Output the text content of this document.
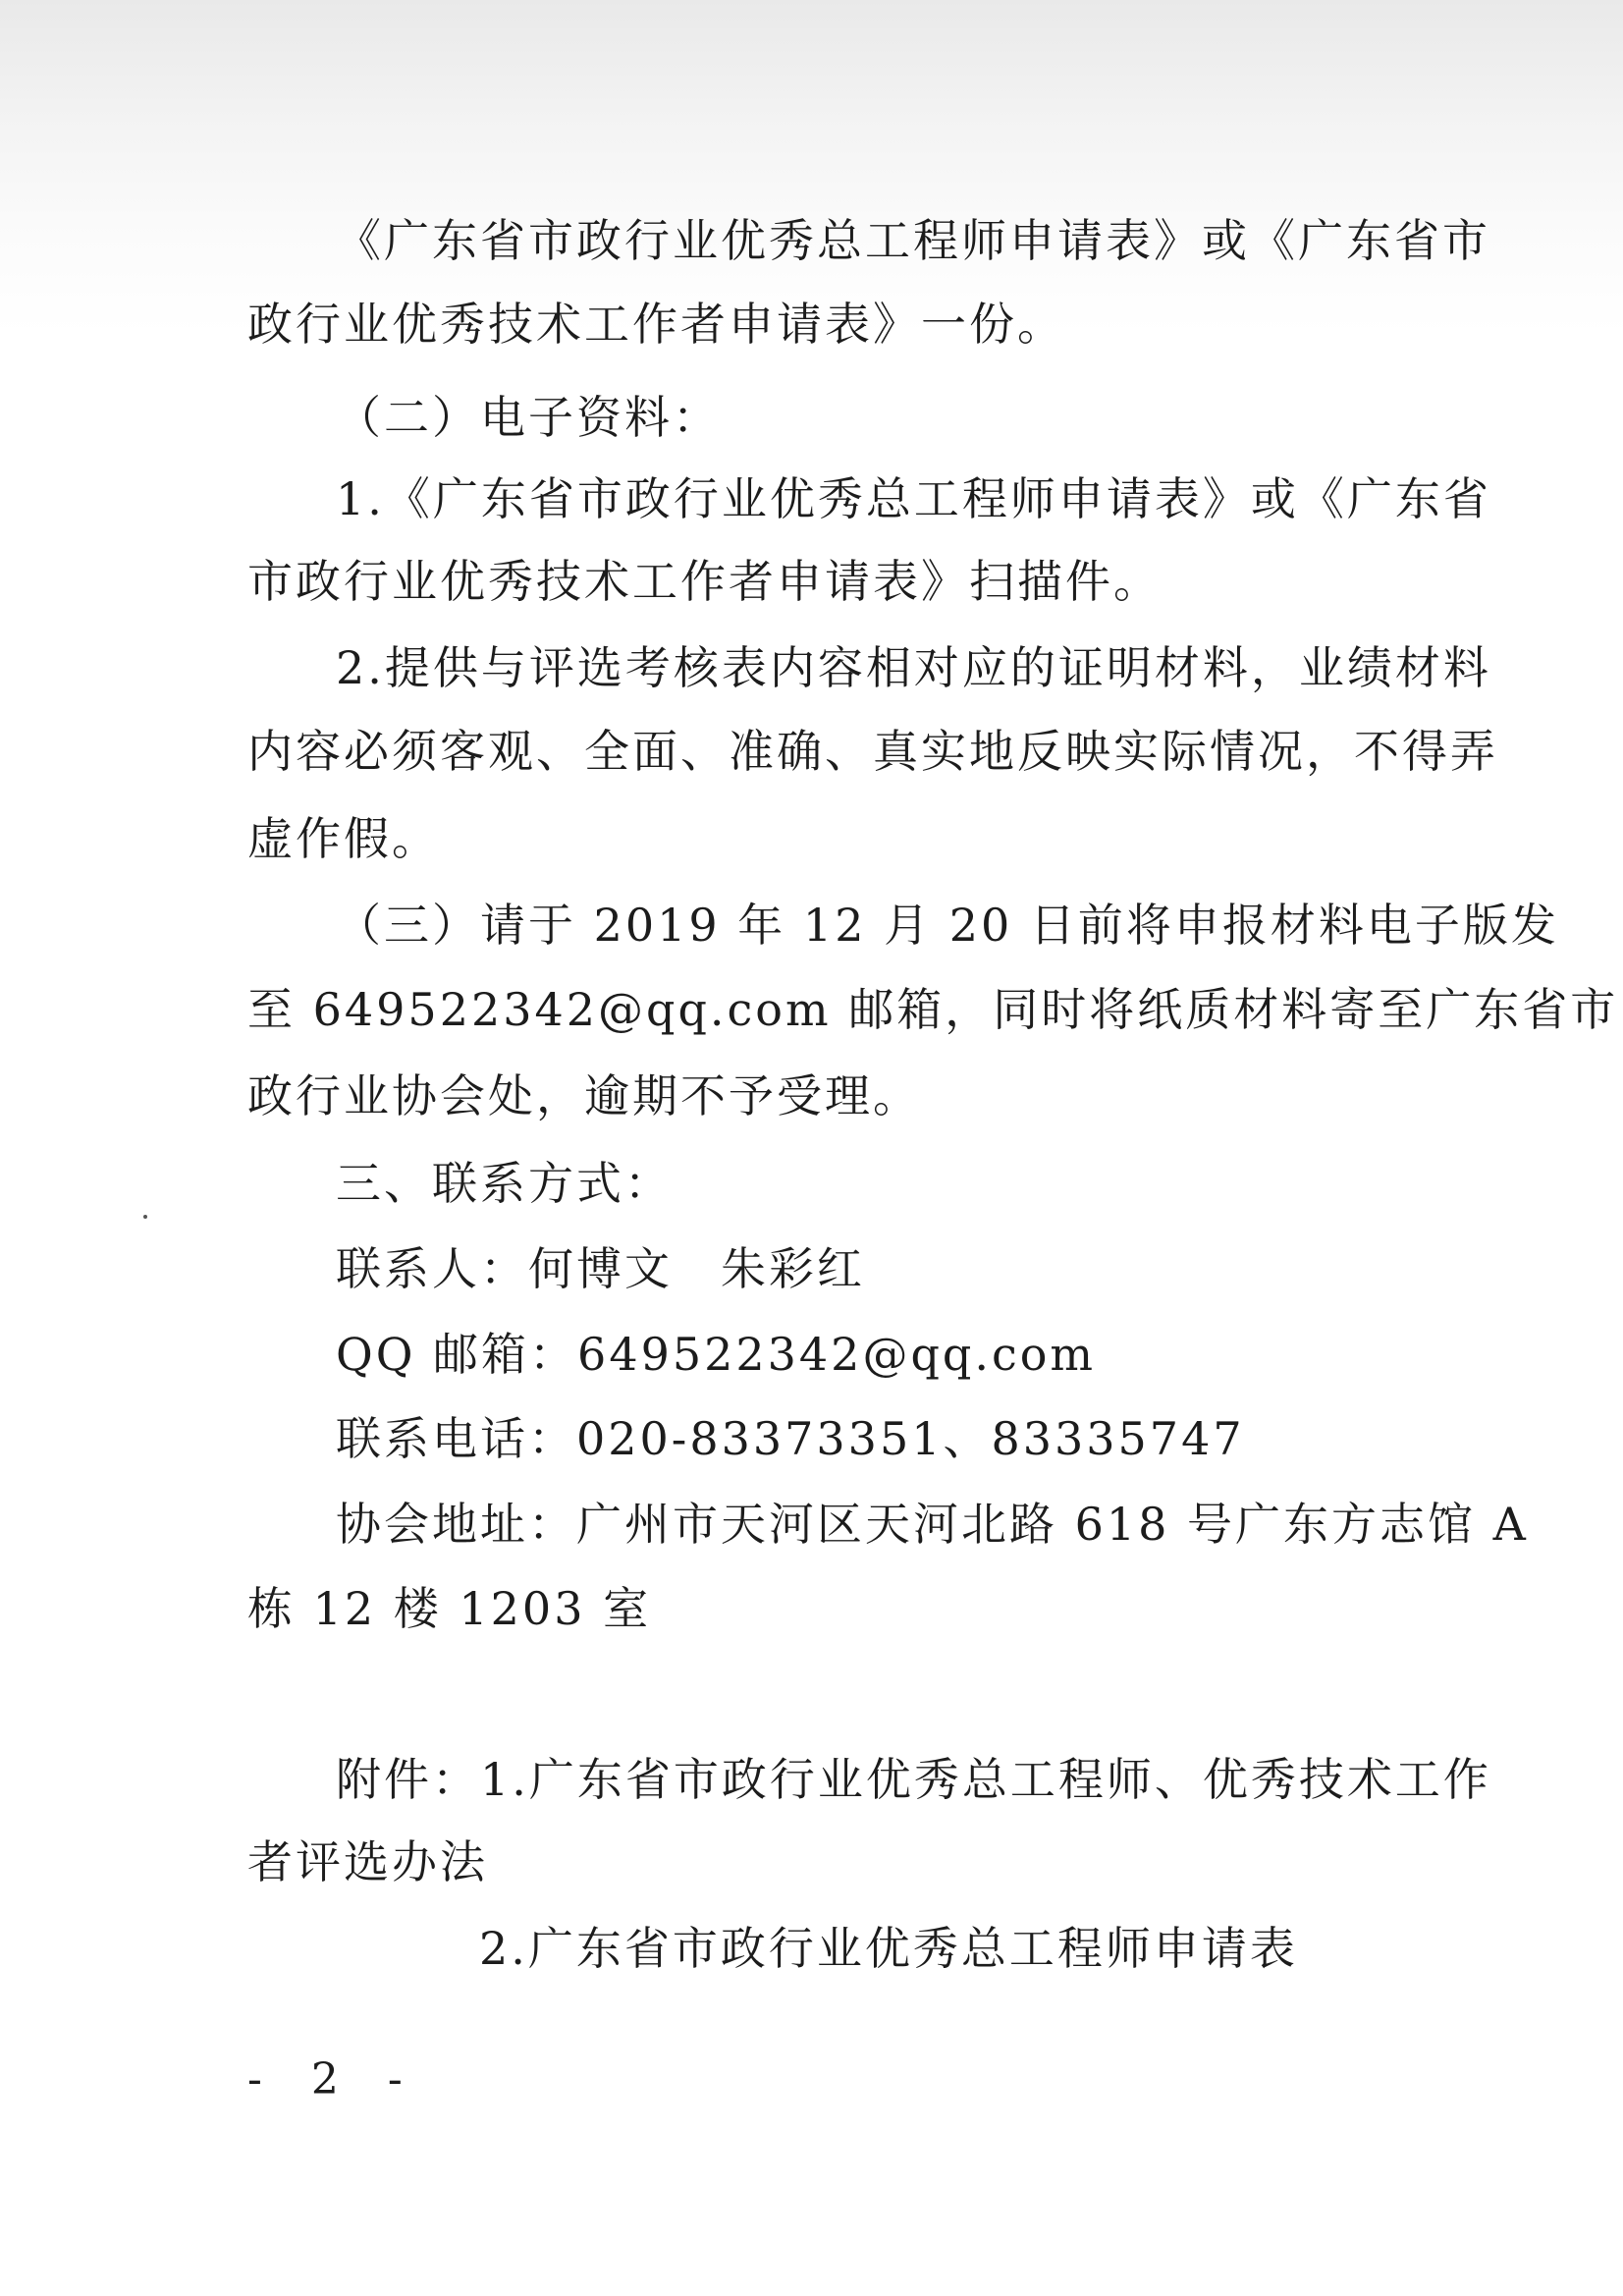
《广东省市政行业优秀总工程师申请表》或《广东省市
政行业优秀技术工作者申请表》一份。
（二）电子资料：
1.《广东省市政行业优秀总工程师申请表》或《广东省
市政行业优秀技术工作者申请表》扫描件。
2.提供与评选考核表内容相对应的证明材料，业绩材料
内容必须客观、全面、准确、真实地反映实际情况，不得弄
虚作假。
（三）请于 2019 年 12 月 20 日前将申报材料电子版发
至 649522342@qq.com 邮箱，同时将纸质材料寄至广东省市
政行业协会处，逾期不予受理。
三、联系方式：
联系人：何博文　朱彩红
QQ 邮箱：649522342@qq.com
联系电话：020-83373351、83335747
协会地址：广州市天河区天河北路 618 号广东方志馆 A
栋 12 楼 1203 室
附件：1.广东省市政行业优秀总工程师、优秀技术工作
者评选办法
2.广东省市政行业优秀总工程师申请表
- 2 -
